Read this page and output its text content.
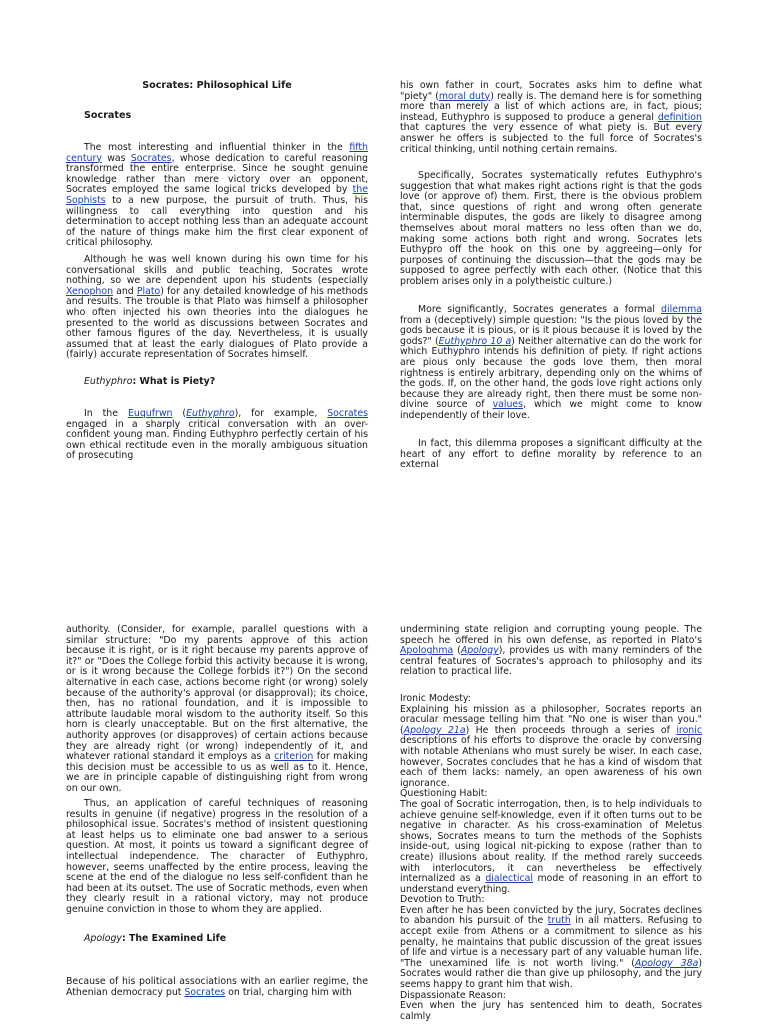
Socrates: Philosophical Life

Socrates

The most interesting and influential thinker in the fifth century was Socrates, whose dedication to careful reasoning transformed the entire enterprise. Since he sought genuine knowledge rather than mere victory over an opponent, Socrates employed the same logical tricks developed by the Sophists to a new purpose, the pursuit of truth. Thus, his willingness to call everything into question and his determination to accept nothing less than an adequate account of the nature of things make him the first clear exponent of critical philosophy.

Although he was well known during his own time for his conversational skills and public teaching, Socrates wrote nothing, so we are dependent upon his students (especially Xenophon and Plato) for any detailed knowledge of his methods and results. The trouble is that Plato was himself a philosopher who often injected his own theories into the dialogues he presented to the world as discussions between Socrates and other famous figures of the day. Nevertheless, it is usually assumed that at least the early dialogues of Plato provide a (fairly) accurate representation of Socrates himself.

Euthyphro: What is Piety?

In the Euqufrwn (Euthyphro), for example, Socrates engaged in a sharply critical conversation with an over-confident young man. Finding Euthyphro perfectly certain of his own ethical rectitude even in the morally ambiguous situation of prosecuting

his own father in court, Socrates asks him to define what "piety" (moral duty) really is. The demand here is for something more than merely a list of which actions are, in fact, pious; instead, Euthyphro is supposed to produce a general definition that captures the very essence of what piety is. But every answer he offers is subjected to the full force of Socrates's critical thinking, until nothing certain remains.

Specifically, Socrates systematically refutes Euthyphro's suggestion that what makes right actions right is that the gods love (or approve of) them. First, there is the obvious problem that, since questions of right and wrong often generate interminable disputes, the gods are likely to disagree among themselves about moral matters no less often than we do, making some actions both right and wrong. Socrates lets Euthypro off the hook on this one by aggreeing—only for purposes of continuing the discussion—that the gods may be supposed to agree perfectly with each other. (Notice that this problem arises only in a polytheistic culture.)

More significantly, Socrates generates a formal dilemma from a (deceptively) simple question: "Is the pious loved by the gods because it is pious, or is it pious because it is loved by the gods?" (Euthyphro 10 a) Neither alternative can do the work for which Euthyphro intends his definition of piety. If right actions are pious only because the gods love them, then moral rightness is entirely arbitrary, depending only on the whims of the gods. If, on the other hand, the gods love right actions only because they are already right, then there must be some non-divine source of values, which we might come to know independently of their love.

In fact, this dilemma proposes a significant difficulty at the heart of any effort to define morality by reference to an external

authority. (Consider, for example, parallel questions with a similar structure: "Do my parents approve of this action because it is right, or is it right because my parents approve of it?" or "Does the College forbid this activity because it is wrong, or is it wrong because the College forbids it?") On the second alternative in each case, actions become right (or wrong) solely because of the authority's approval (or disapproval); its choice, then, has no rational foundation, and it is impossible to attribute laudable moral wisdom to the authority itself. So this horn is clearly unacceptable. But on the first alternative, the authority approves (or disapproves) of certain actions because they are already right (or wrong) independently of it, and whatever rational standard it employs as a criterion for making this decision must be accessible to us as well as to it. Hence, we are in principle capable of distinguishing right from wrong on our own.

Thus, an application of careful techniques of reasoning results in genuine (if negative) progress in the resolution of a philosophical issue. Socrates's method of insistent questioning at least helps us to eliminate one bad answer to a serious question. At most, it points us toward a significant degree of intellectual independence. The character of Euthyphro, however, seems unaffected by the entire process, leaving the scene at the end of the dialogue no less self-confident than he had been at its outset. The use of Socratic methods, even when they clearly result in a rational victory, may not produce genuine conviction in those to whom they are applied.

Apology: The Examined Life

Because of his political associations with an earlier regime, the Athenian democracy put Socrates on trial, charging him with

undermining state religion and corrupting young people. The speech he offered in his own defense, as reported in Plato's Apologhma (Apology), provides us with many reminders of the central features of Socrates's approach to philosophy and its relation to practical life.

Ironic Modesty:

Explaining his mission as a philosopher, Socrates reports an oracular message telling him that "No one is wiser than you." (Apology 21a) He then proceeds through a series of ironic descriptions of his efforts to disprove the oracle by conversing with notable Athenians who must surely be wiser. In each case, however, Socrates concludes that he has a kind of wisdom that each of them lacks: namely, an open awareness of his own ignorance.

Questioning Habit:

The goal of Socratic interrogation, then, is to help individuals to achieve genuine self-knowledge, even if it often turns out to be negative in character. As his cross-examination of Meletus shows, Socrates means to turn the methods of the Sophists inside-out, using logical nit-picking to expose (rather than to create) illusions about reality. If the method rarely succeeds with interlocutors, it can nevertheless be effectively internalized as a dialectical mode of reasoning in an effort to understand everything.

Devotion to Truth:

Even after he has been convicted by the jury, Socrates declines to abandon his pursuit of the truth in all matters. Refusing to accept exile from Athens or a commitment to silence as his penalty, he maintains that public discussion of the great issues of life and virtue is a necessary part of any valuable human life. "The unexamined life is not worth living." (Apology 38a) Socrates would rather die than give up philosophy, and the jury seems happy to grant him that wish.

Dispassionate Reason:

Even when the jury has sentenced him to death, Socrates calmly
